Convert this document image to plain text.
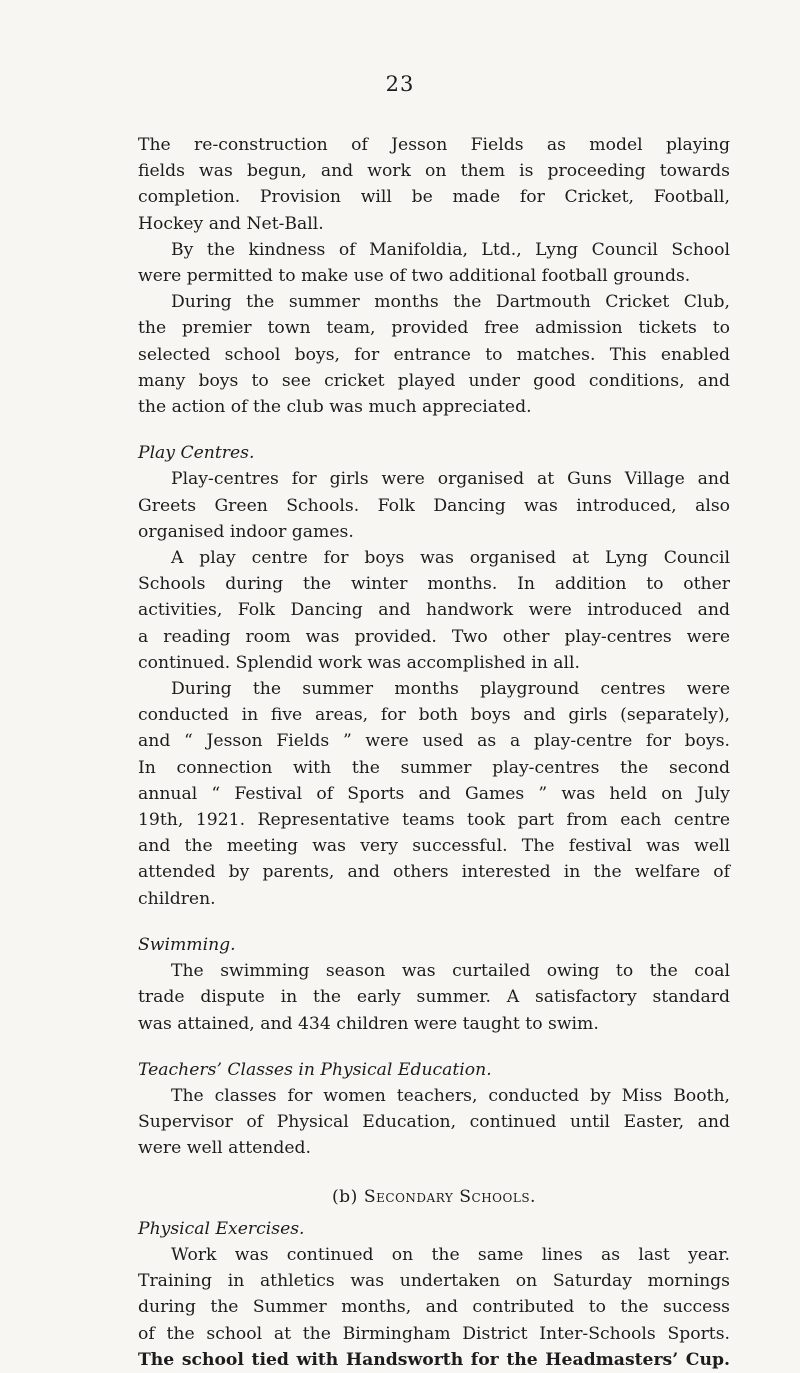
23

The re-construction of Jesson Fields as model playing
fields was begun, and work on them is proceeding towards
completion. Provision will be made for Cricket, Football,
Hockey and Net-Ball.

By the kindness of Manifoldia, Ltd., Lyng Council School
were permitted to make use of two additional football grounds.

During the summer months the Dartmouth Cricket Club,
the premier town team, provided free admission tickets to
selected school boys, for entrance to matches. This enabled
many boys to see cricket played under good conditions, and
the action of the club was much appreciated.

Play Centres.

Play-centres for girls were organised at Guns Village and
Greets Green Schools. Folk Dancing was introduced, also
organised indoor games.

A play centre for boys was organised at Lyng Council
Schools during the winter months. In addition to other
activities, Folk Dancing and handwork were introduced and
a reading room was provided. Two other play-centres were
continued. Splendid work was accomplished in all.

During the summer months playground centres were
conducted in five areas, for both boys and girls (separately),
and “ Jesson Fields ” were used as a play-centre for boys.
In connection with the summer play-centres the second
annual “ Festival of Sports and Games ” was held on July
19th, 1921. Representative teams took part from each centre
and the meeting was very successful. The festival was well
attended by parents, and others interested in the welfare of
children.

Swimming.

The swimming season was curtailed owing to the coal
trade dispute in the early summer. A satisfactory standard
was attained, and 434 children were taught to swim.

Teachers’ Classes in Physical Education.

The classes for women teachers, conducted by Miss Booth,
Supervisor of Physical Education, continued until Easter, and
were well attended.

(b) Secondary Schools.
Physical Exercises.

Work was continued on the same lines as last year.
Training in athletics was undertaken on Saturday mornings
during the Summer months, and contributed to the success
of the school at the Birmingham District Inter-Schools Sports.
The school tied with Handsworth for the Headmasters’ Cup.
